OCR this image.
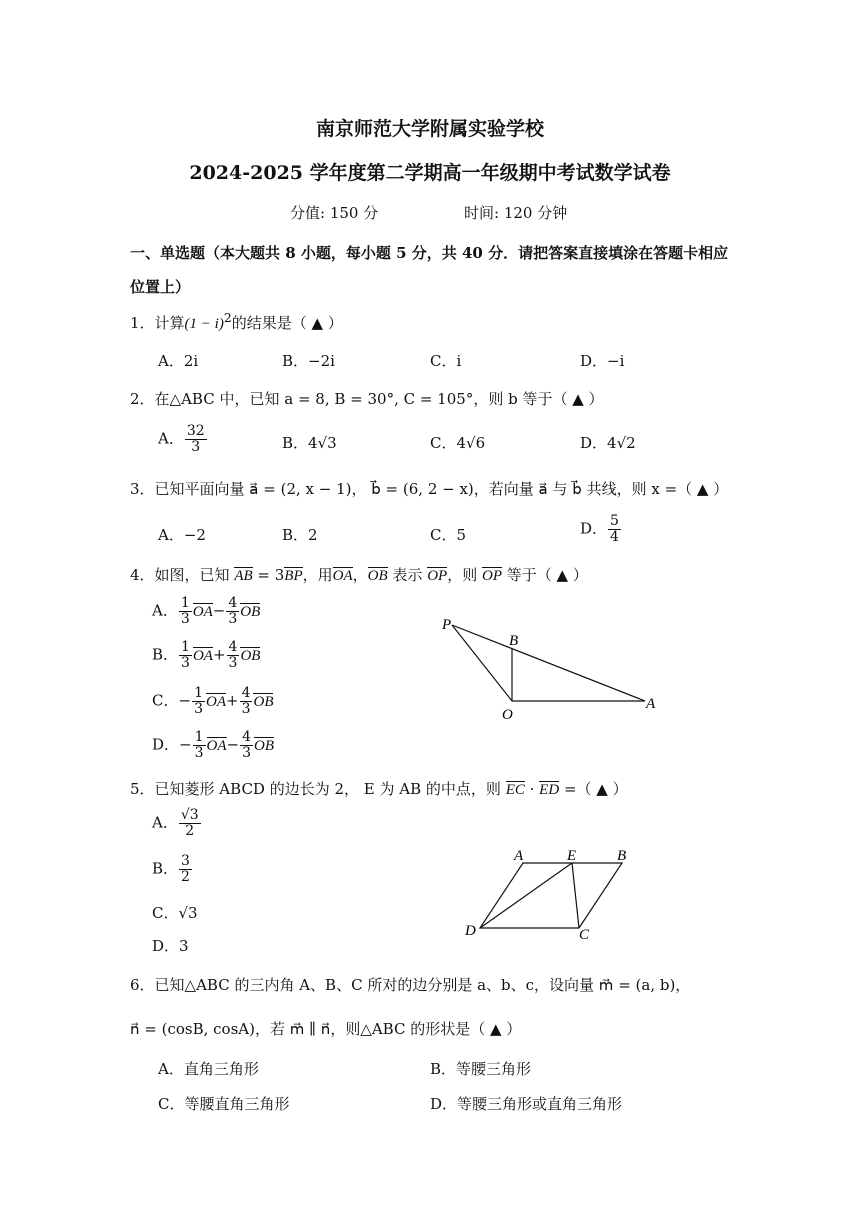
南京师范大学附属实验学校
2024-2025 学年度第二学期高一年级期中考试数学试卷
分值: 150 分	时间: 120 分钟
一、单选题（本大题共 8 小题，每小题 5 分，共 40 分．请把答案直接填涂在答题卡相应位置上）
1．计算$(1 - i)^2$的结果是（ ▲ ）
A．2i	B．−2i	C．i	D．−i
2．在△ABC 中，已知 a = 8, B = 30°, C = 105°，则 b 等于（ ▲ ）
A． $\frac{32}{3}$	B．4√3	C．4√6	D．4√2
3．已知平面向量 a⃗ = (2, x − 1)， b⃗ = (6, 2 − x)，若向量 a⃗ 与 b⃗ 共线，则 x =（ ▲ ）
A．−2	B．2	C．5	D． $\frac{5}{4}$
4．如图，已知 AB = 3BP，用OA，OB 表示 OP，则 OP 等于（ ▲ ）
A． $\frac{1}{3} OA- \frac{4}{3}$ OB
B． $\frac{1}{3} OA+ \frac{4}{3}$ OB
C．− $\frac{1}{3} OA+ \frac{4}{3}$ OB
D．− $\frac{1}{3} OA- \frac{4}{3}$ OB
P
B
O
A
5．已知菱形 ABCD 的边长为 2， E 为 AB 的中点，则 EC · ED =（ ▲ ）
A． $\frac{√3}{2}$
B． $\frac{3}{2}$
C．√3
D．3
A	E	B
D	C
6．已知△ABC 的三内角 A、B、C 所对的边分别是 a、b、c，设向量 m⃗ = (a, b)，
n⃗ = (cosB, cosA)，若 m⃗ ∥ n⃗，则△ABC 的形状是（ ▲ ）
A．直角三角形	B．等腰三角形
C．等腰直角三角形	D．等腰三角形或直角三角形
